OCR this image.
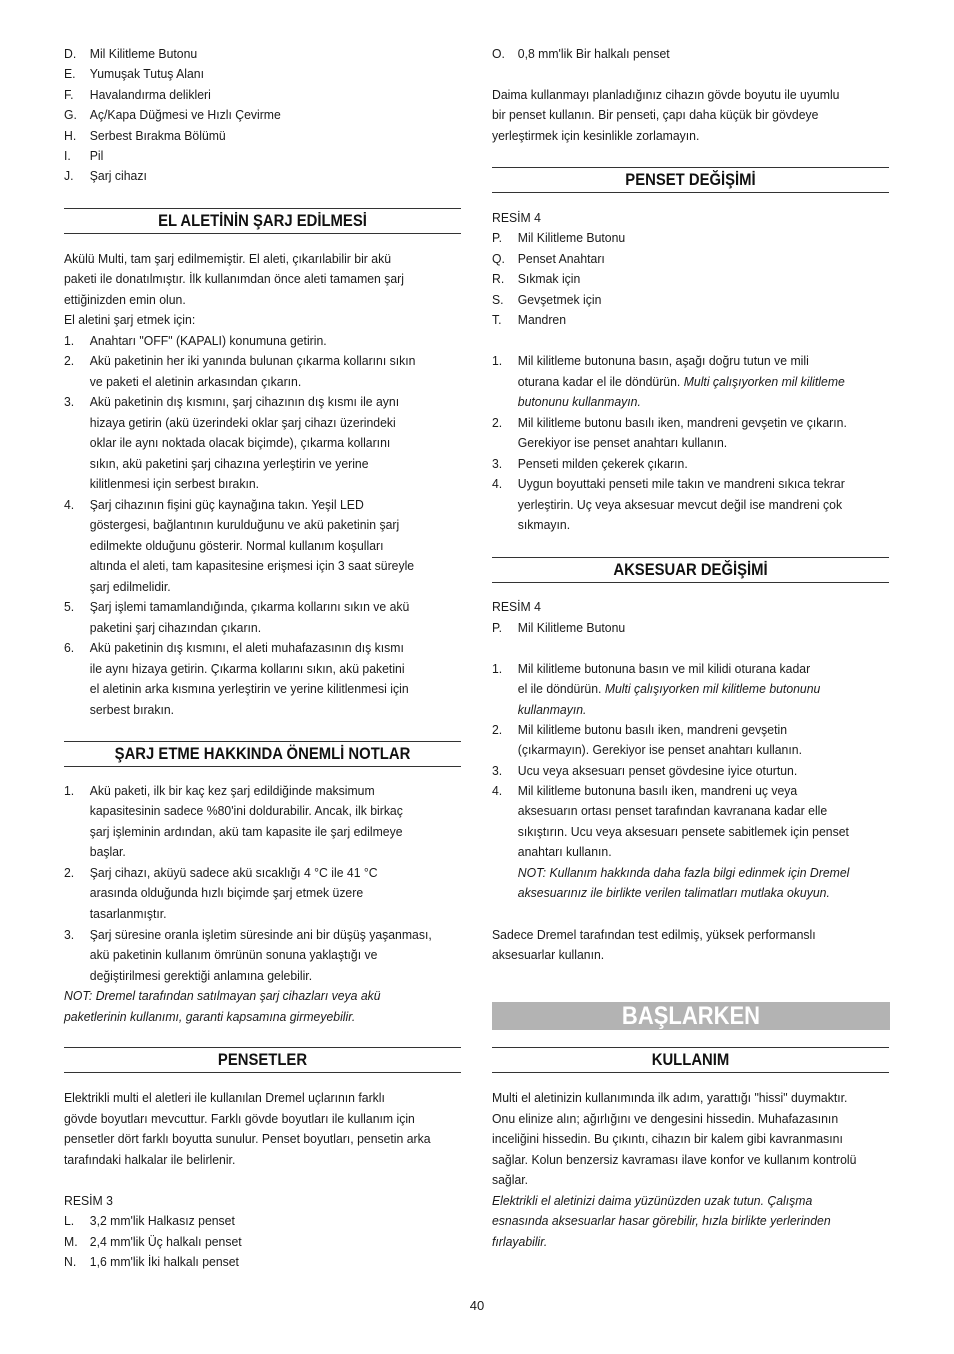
D. Mil Kilitleme Butonu
E. Yumuşak Tutuş Alanı
F. Havalandırma delikleri
G. Aç/Kapa Düğmesi ve Hızlı Çevirme
H. Serbest Bırakma Bölümü
I. Pil
J. Şarj cihazı
EL ALETİNİN ŞARJ EDİLMESİ
Akülü Multi, tam şarj edilmemiştir. El aleti, çıkarılabilir bir akü
paketi ile donatılmıştır. İlk kullanımdan önce aleti tamamen şarj
ettiğinizden emin olun.
El aletini şarj etmek için:
1. Anahtarı "OFF" (KAPALI) konumuna getirin.
2. Akü paketinin her iki yanında bulunan çıkarma kollarını sıkın
ve paketi el aletinin arkasından çıkarın.
3. Akü paketinin dış kısmını, şarj cihazının dış kısmı ile aynı
hizaya getirin (akü üzerindeki oklar şarj cihazı üzerindeki
oklar ile aynı noktada olacak biçimde), çıkarma kollarını
sıkın, akü paketini şarj cihazına yerleştirin ve yerine
kilitlenmesi için serbest bırakın.
4. Şarj cihazının fişini güç kaynağına takın. Yeşil LED
göstergesi, bağlantının kurulduğunu ve akü paketinin şarj
edilmekte olduğunu gösterir. Normal kullanım koşulları
altında el aleti, tam kapasitesine erişmesi için 3 saat süreyle
şarj edilmelidir.
5. Şarj işlemi tamamlandığında, çıkarma kollarını sıkın ve akü
paketini şarj cihazından çıkarın.
6. Akü paketinin dış kısmını, el aleti muhafazasının dış kısmı
ile aynı hizaya getirin. Çıkarma kollarını sıkın, akü paketini
el aletinin arka kısmına yerleştirin ve yerine kilitlenmesi için
serbest bırakın.
ŞARJ ETME HAKKINDA ÖNEMLİ NOTLAR
1. Akü paketi, ilk bir kaç kez şarj edildiğinde maksimum
kapasitesinin sadece %80'ini doldurabilir. Ancak, ilk birkaç
şarj işleminin ardından, akü tam kapasite ile şarj edilmeye
başlar.
2. Şarj cihazı, aküyü sadece akü sıcaklığı 4 °C ile 41 °C
arasında olduğunda hızlı biçimde şarj etmek üzere
tasarlanmıştır.
3. Şarj süresine oranla işletim süresinde ani bir düşüş yaşanması,
akü paketinin kullanım ömrünün sonuna yaklaştığı ve
değiştirilmesi gerektiği anlamına gelebilir.
NOT: Dremel tarafından satılmayan şarj cihazları veya akü
paketlerinin kullanımı, garanti kapsamına girmeyebilir.
PENSETLER
Elektrikli multi el aletleri ile kullanılan Dremel uçlarının farklı
gövde boyutları mevcuttur. Farklı gövde boyutları ile kullanım için
pensetler dört farklı boyutta sunulur. Penset boyutları, pensetin arka
tarafındaki halkalar ile belirlenir.
RESİM 3
L. 3,2 mm'lik Halkasız penset
M. 2,4 mm'lik Üç halkalı penset
N. 1,6 mm'lik İki halkalı penset
O. 0,8 mm'lik Bir halkalı penset
Daima kullanmayı planladığınız cihazın gövde boyutu ile uyumlu
bir penset kullanın. Bir penseti, çapı daha küçük bir gövdeye
yerleştirmek için kesinlikle zorlamayın.
PENSET DEĞİŞİMİ
RESİM 4
P. Mil Kilitleme Butonu
Q. Penset Anahtarı
R. Sıkmak için
S. Gevşetmek için
T. Mandren
1. Mil kilitleme butonuna basın, aşağı doğru tutun ve mili
oturana kadar el ile döndürün. Multi çalışıyorken mil kilitleme
butonunu kullanmayın.
2. Mil kilitleme butonu basılı iken, mandreni gevşetin ve çıkarın.
Gerekiyor ise penset anahtarı kullanın.
3. Penseti milden çekerek çıkarın.
4. Uygun boyuttaki penseti mile takın ve mandreni sıkıca tekrar
yerleştirin. Uç veya aksesuar mevcut değil ise mandreni çok
sıkmayın.
AKSESUAR DEĞİŞİMİ
RESİM 4
P. Mil Kilitleme Butonu
1. Mil kilitleme butonuna basın ve mil kilidi oturana kadar
el ile döndürün. Multi çalışıyorken mil kilitleme butonunu
kullanmayın.
2. Mil kilitleme butonu basılı iken, mandreni gevşetin
(çıkarmayın). Gerekiyor ise penset anahtarı kullanın.
3. Ucu veya aksesuarı penset gövdesine iyice oturtun.
4. Mil kilitleme butonuna basılı iken, mandreni uç veya
aksesuarın ortası penset tarafından kavranana kadar elle
sıkıştırın. Ucu veya aksesuarı pensete sabitlemek için penset
anahtarı kullanın.
NOT: Kullanım hakkında daha fazla bilgi edinmek için Dremel
aksesuarınız ile birlikte verilen talimatları mutlaka okuyun.
Sadece Dremel tarafından test edilmiş, yüksek performanslı
aksesuarlar kullanın.
BAŞLARKEN
KULLANIM
Multi el aletinizin kullanımında ilk adım, yarattığı "hissi" duymaktır.
Onu elinize alın; ağırlığını ve dengesini hissedin. Muhafazasının
inceliğini hissedin. Bu çıkıntı, cihazın bir kalem gibi kavranmasını
sağlar. Kolun benzersiz kavraması ilave konfor ve kullanım kontrolü
sağlar.
Elektrikli el aletinizi daima yüzünüzden uzak tutun. Çalışma
esnasında aksesuarlar hasar görebilir, hızla birlikte yerlerinden
fırlayabilir.
40
